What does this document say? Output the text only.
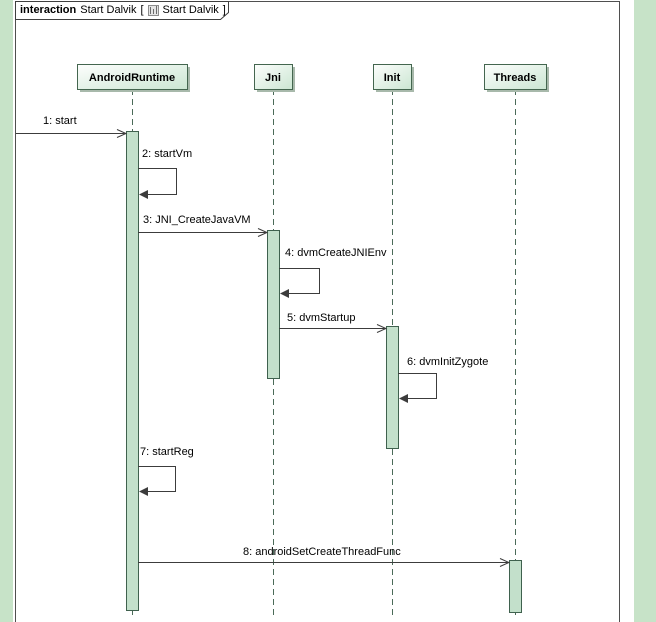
AndroidRuntime	Jni	Init	Threads
1: start
2: startVm
3: JNI_CreateJavaVM
4: dvmCreateJNIEnv
5: dvmStartup
6: dvmInitZygote
7: startReg
8: androidSetCreateThreadFunc
interaction Start Dalvik [ Start Dalvik ]
